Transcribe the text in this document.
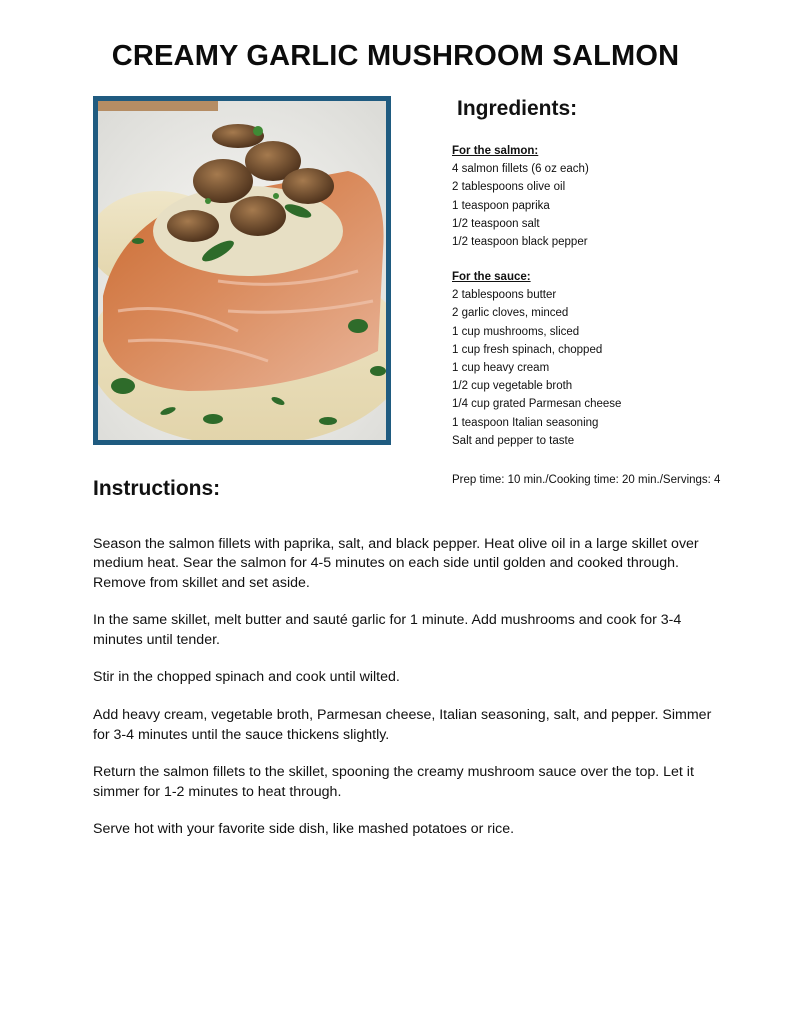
CREAMY GARLIC MUSHROOM SALMON
Ingredients:
For the salmon:
4 salmon fillets (6 oz each)
2 tablespoons olive oil
1 teaspoon paprika
1/2 teaspoon salt
1/2 teaspoon black pepper
For the sauce:
2 tablespoons butter
2 garlic cloves, minced
1 cup mushrooms, sliced
1 cup fresh spinach, chopped
1 cup heavy cream
1/2 cup vegetable broth
1/4 cup grated Parmesan cheese
1 teaspoon Italian seasoning
Salt and pepper to taste
Prep time: 10 min./Cooking time: 20 min./Servings: 4
Instructions:

Season the salmon fillets with paprika, salt, and black pepper. Heat olive oil in a large skillet over medium heat. Sear the salmon for 4-5 minutes on each side until golden and cooked through. Remove from skillet and set aside.

In the same skillet, melt butter and sauté garlic for 1 minute. Add mushrooms and cook for 3-4 minutes until tender.

Stir in the chopped spinach and cook until wilted.

Add heavy cream, vegetable broth, Parmesan cheese, Italian seasoning, salt, and pepper. Simmer for 3-4 minutes until the sauce thickens slightly.

Return the salmon fillets to the skillet, spooning the creamy mushroom sauce over the top. Let it simmer for 1-2 minutes to heat through.

Serve hot with your favorite side dish, like mashed potatoes or rice.
